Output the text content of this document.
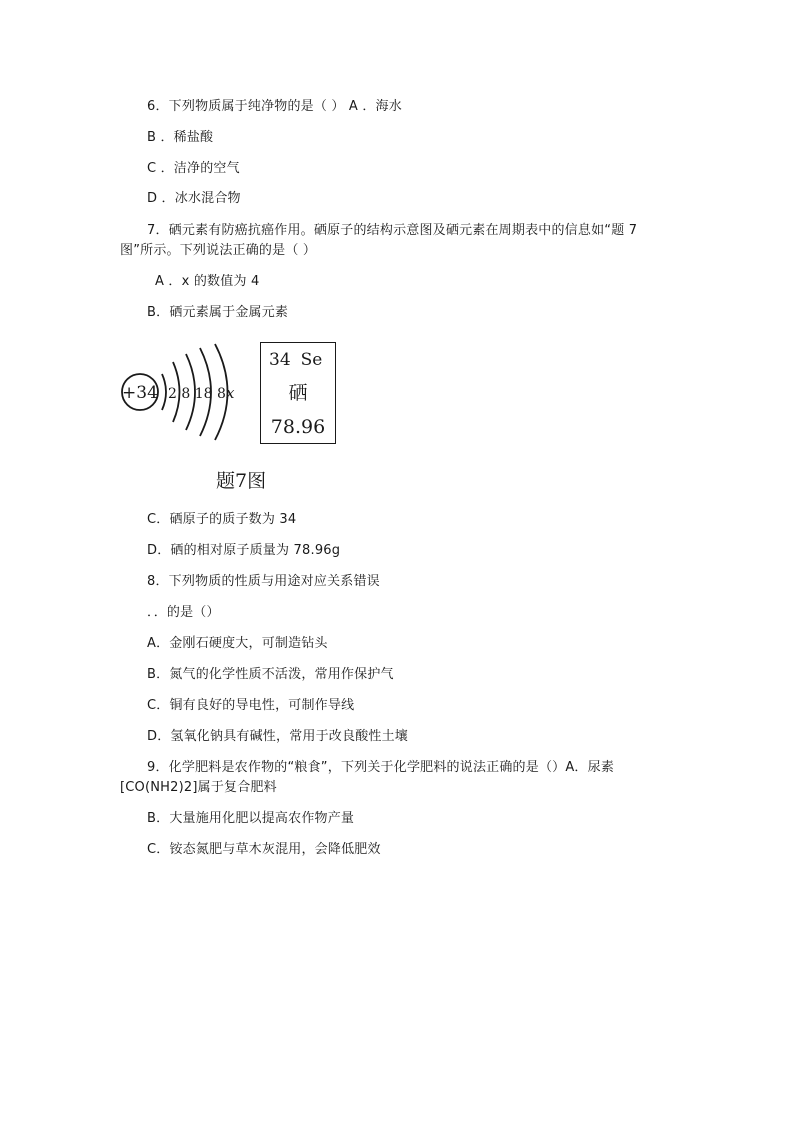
6．下列物质属于纯净物的是（ ） A ．海水
B ．稀盐酸
C ．洁净的空气
D ．冰水混合物
7．硒元素有防癌抗癌作用。硒原子的结构示意图及硒元素在周期表中的信息如“题 7
图”所示。下列说法正确的是（ ）
A ．x 的数值为 4
B．硒元素属于金属元素
+34 2 8 18 8 x
34 Se
硒
78.96
题7图
C．硒原子的质子数为 34
D．硒的相对原子质量为 78.96g
8．下列物质的性质与用途对应关系错误
．．的是（）
A．金刚石硬度大，可制造钻头
B．氮气的化学性质不活泼，常用作保护气
C．铜有良好的导电性，可制作导线
D．氢氧化钠具有碱性，常用于改良酸性土壤
9．化学肥料是农作物的“粮食”，下列关于化学肥料的说法正确的是（）A．尿素
[CO(NH2)2]属于复合肥料
B．大量施用化肥以提高农作物产量
C．铵态氮肥与草木灰混用，会降低肥效
